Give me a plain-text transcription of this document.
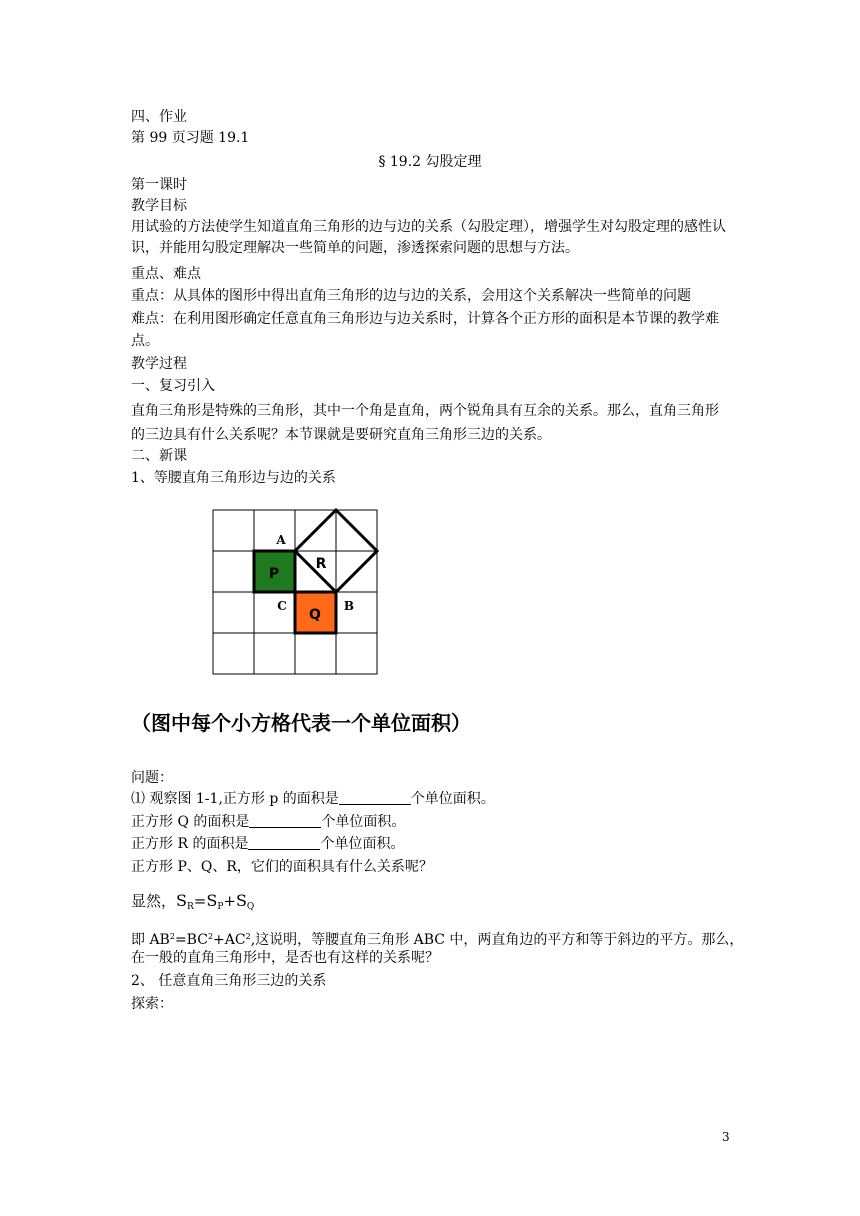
四、作业

第 99 页习题 19.1

§ 19.2 勾股定理

第一课时

教学目标

用试验的方法使学生知道直角三角形的边与边的关系（勾股定理），增强学生对勾股定理的感性认识，并能用勾股定理解决一些简单的问题，渗透探索问题的思想与方法。

重点、难点

重点：从具体的图形中得出直角三角形的边与边的关系，会用这个关系解决一些简单的问题

难点：在利用图形确定任意直角三角形边与边关系时，计算各个正方形的面积是本节课的教学难点。

教学过程

一、复习引入

直角三角形是特殊的三角形，其中一个角是直角，两个锐角具有互余的关系。那么，直角三角形的三边具有什么关系呢？本节课就是要研究直角三角形三边的关系。

二、新课

1、等腰直角三角形边与边的关系

P
Q
R
A
B
C
（图中每个小方格代表一个单位面积）

问题：

⑴ 观察图 1-1,正方形 p 的面积是	个单位面积。

正方形 Q 的面积是	个单位面积。

正方形 R 的面积是	个单位面积。

正方形 P、Q、R，它们的面积具有什么关系呢？

显然，$S_R=S_P+S_Q$

即 $AB^2=BC^2+AC^2$,这说明，等腰直角三角形 ABC 中，两直角边的平方和等于斜边的平方。那么，

在一般的直角三角形中，是否也有这样的关系呢？

2、 任意直角三角形三边的关系

探索：

3
